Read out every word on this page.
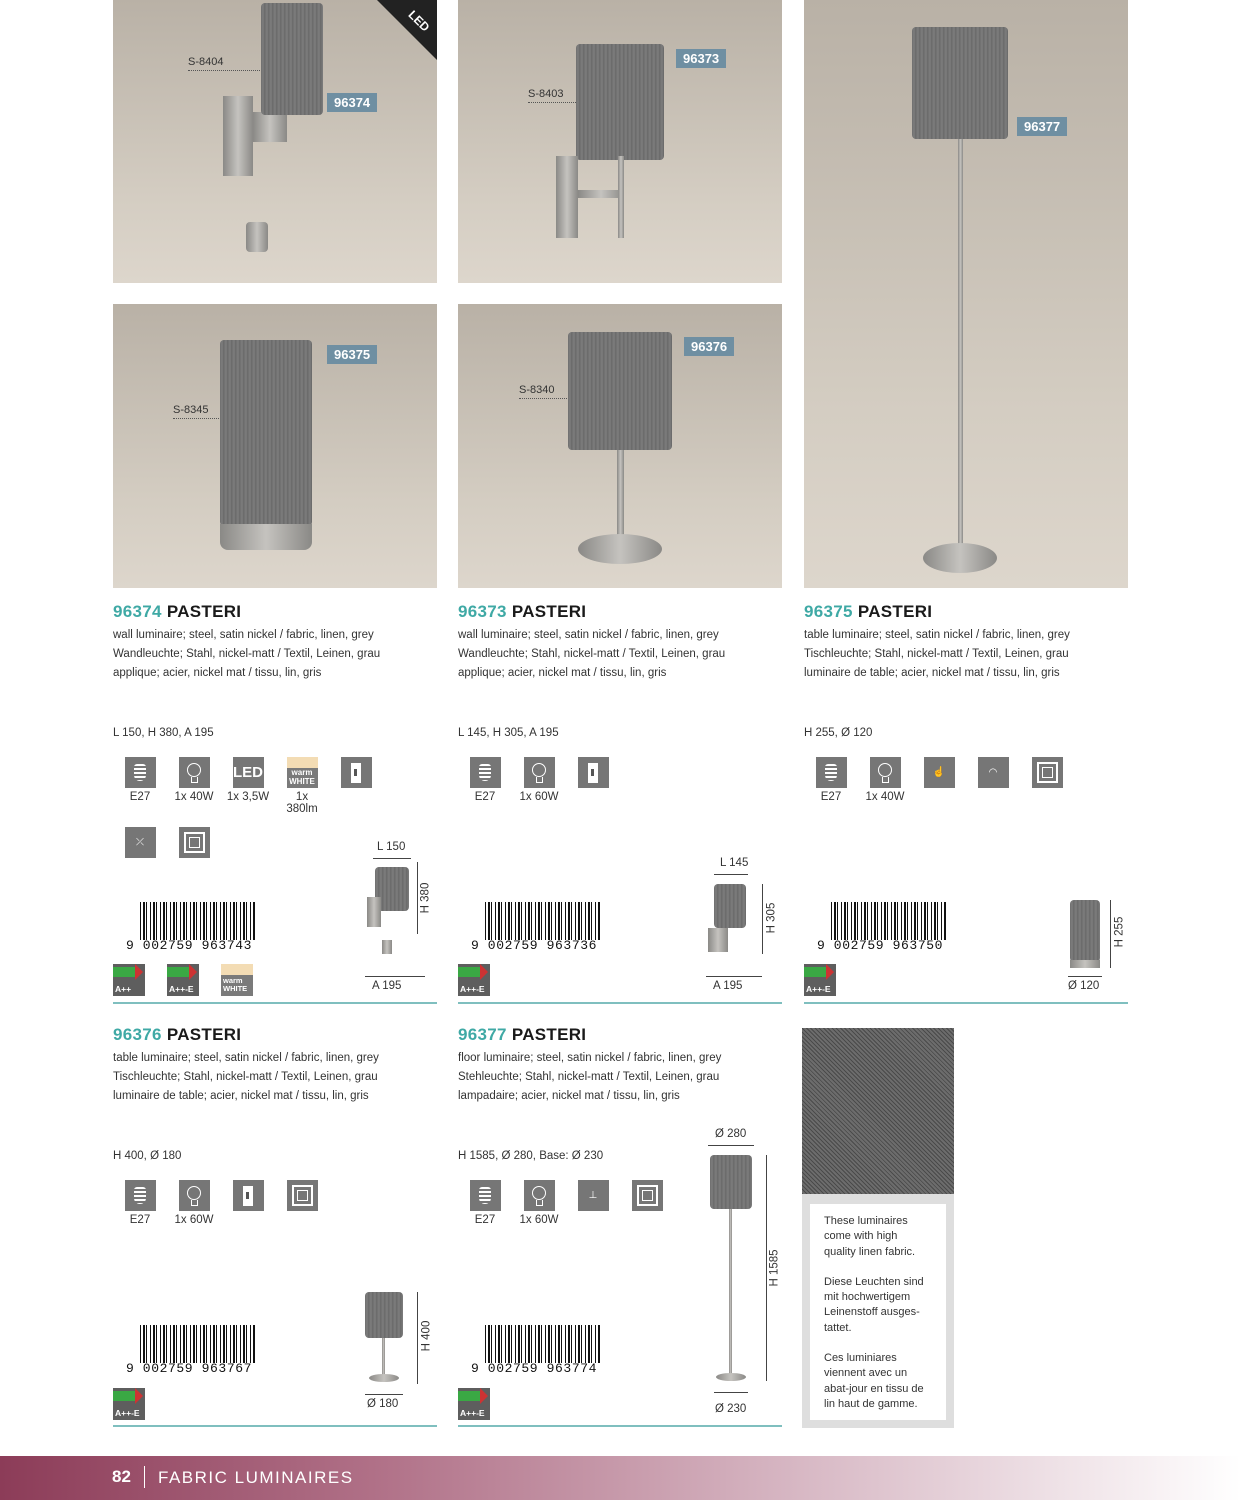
LED
S-8404
96374
S-8403
96373
96377
S-8345
96375
S-8340
96376
96374 PASTERI
wall luminaire; steel, satin nickel / fabric, linen, grey
Wandleuchte; Stahl, nickel-matt / Textil, Leinen, grau
applique; acier, nickel mat / tissu, lin, gris
L 150, H 380, A 195
E27	1x 40W
LED
1x 3,5W
warm
WHITE
1x
380lm
⤫
9 002759 963743
A++	A++-E
warm WHITE
L 150
H 380
A 195
96373 PASTERI
wall luminaire; steel, satin nickel / fabric, linen, grey
Wandleuchte; Stahl, nickel-matt / Textil, Leinen, grau
applique; acier, nickel mat / tissu, lin, gris
L 145, H 305, A 195
E27	1x 60W
9 002759 963736
A++-E
L 145
H 305
A 195
96375 PASTERI
table luminaire; steel, satin nickel / fabric, linen, grey
Tischleuchte; Stahl, nickel-matt / Textil, Leinen, grau
luminaire de table; acier, nickel mat / tissu, lin, gris
H 255, Ø 120
E27	1x 40W
☝	◠
9 002759 963750
A++-E
H 255
Ø 120
96376 PASTERI
table luminaire; steel, satin nickel / fabric, linen, grey
Tischleuchte; Stahl, nickel-matt / Textil, Leinen, grau
luminaire de table; acier, nickel mat / tissu, lin, gris
H 400, Ø 180
E27	1x 60W
9 002759 963767
A++-E
H 400
Ø 180
96377 PASTERI
floor luminaire; steel, satin nickel / fabric, linen, grey
Stehleuchte; Stahl, nickel-matt / Textil, Leinen, grau
lampadaire; acier, nickel mat / tissu, lin, gris
H 1585, Ø 280, Base: Ø 230
E27	1x 60W
⊥
9 002759 963774
A++-E
Ø 280
H 1585
Ø 230

These luminaires come with high quality linen fabric.

Diese Leuchten sind mit hochwertigem Leinenstoff ausges-tattet.

Ces luminiares viennent avec un abat-jour en tissu de lin haut de gamme.

82 FABRIC LUMINAIRES
